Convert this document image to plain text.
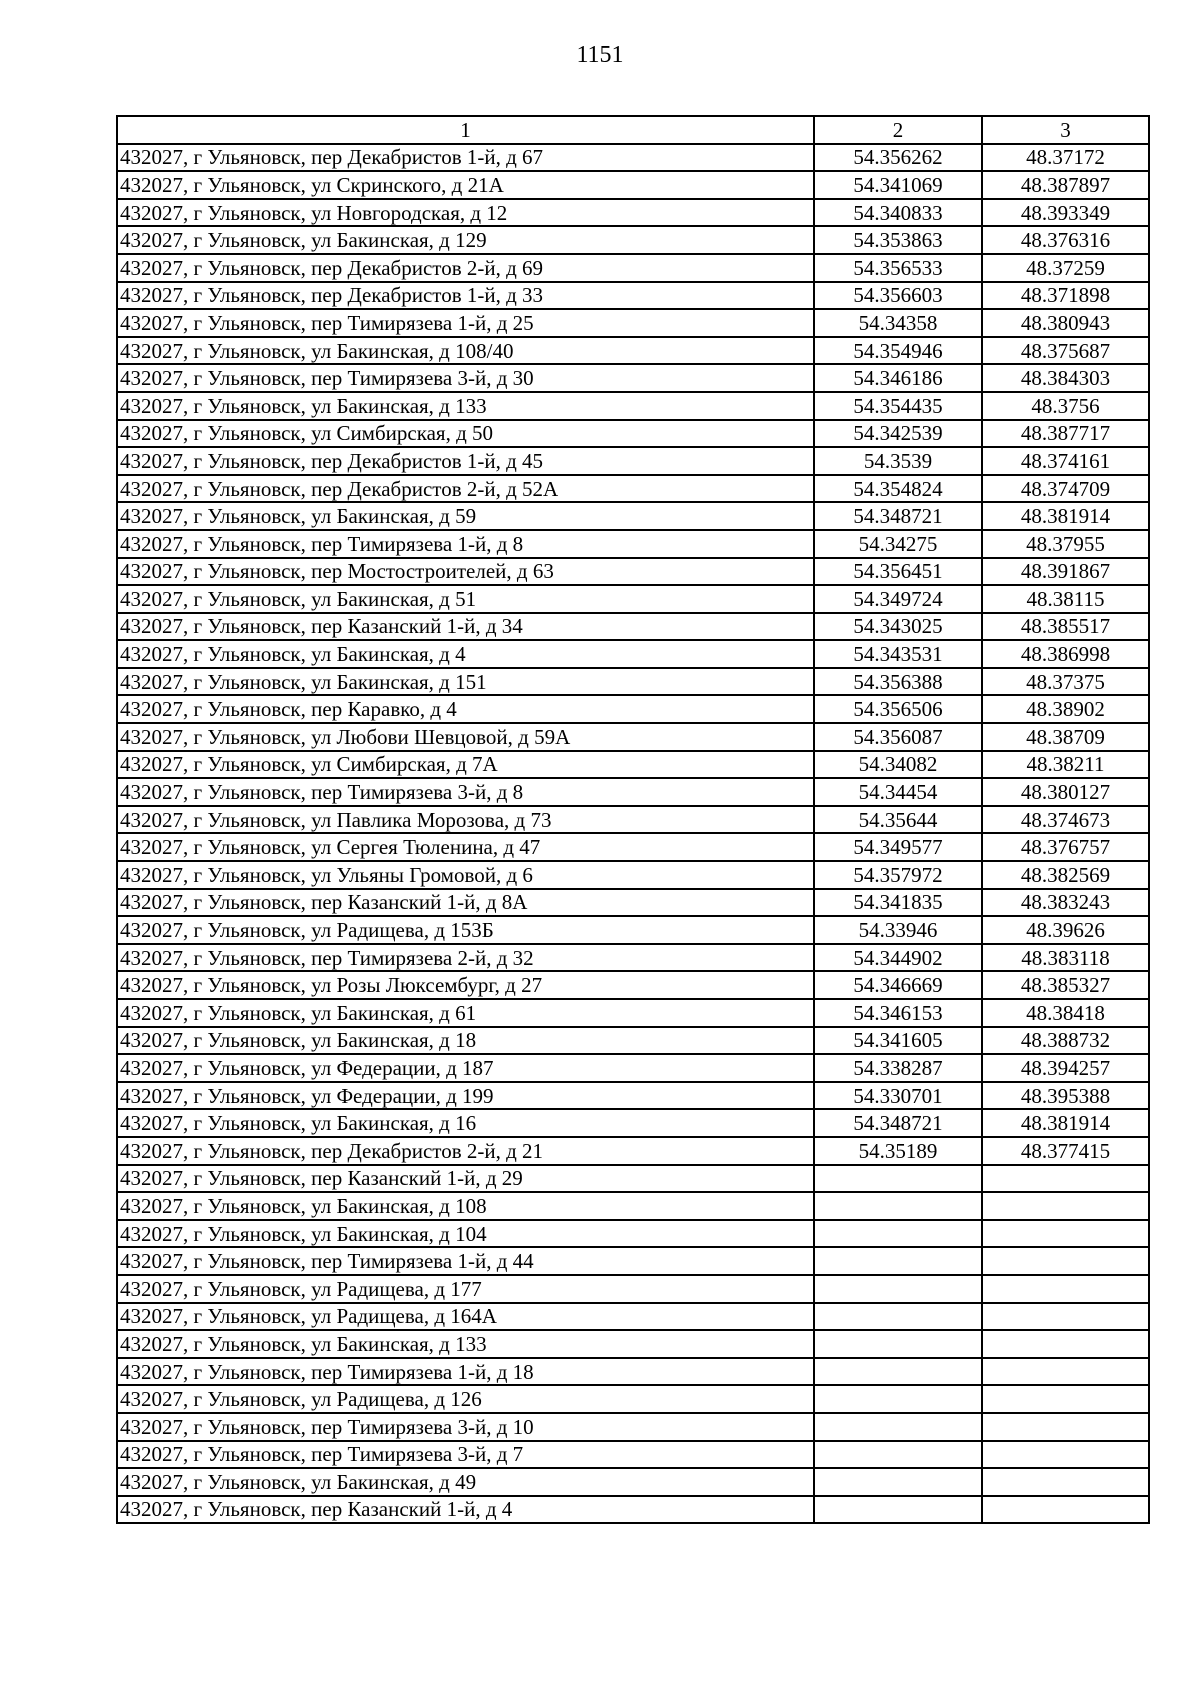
1151
1	2	3
432027, г Ульяновск, пер Декабристов 1-й, д 67	54.356262	48.37172
432027, г Ульяновск, ул Скринского, д 21А	54.341069	48.387897
432027, г Ульяновск, ул Новгородская, д 12	54.340833	48.393349
432027, г Ульяновск, ул Бакинская, д 129	54.353863	48.376316
432027, г Ульяновск, пер Декабристов 2-й, д 69	54.356533	48.37259
432027, г Ульяновск, пер Декабристов 1-й, д 33	54.356603	48.371898
432027, г Ульяновск, пер Тимирязева 1-й, д 25	54.34358	48.380943
432027, г Ульяновск, ул Бакинская, д 108/40	54.354946	48.375687
432027, г Ульяновск, пер Тимирязева 3-й, д 30	54.346186	48.384303
432027, г Ульяновск, ул Бакинская, д 133	54.354435	48.3756
432027, г Ульяновск, ул Симбирская, д 50	54.342539	48.387717
432027, г Ульяновск, пер Декабристов 1-й, д 45	54.3539	48.374161
432027, г Ульяновск, пер Декабристов 2-й, д 52А	54.354824	48.374709
432027, г Ульяновск, ул Бакинская, д 59	54.348721	48.381914
432027, г Ульяновск, пер Тимирязева 1-й, д 8	54.34275	48.37955
432027, г Ульяновск, пер Мостостроителей, д 63	54.356451	48.391867
432027, г Ульяновск, ул Бакинская, д 51	54.349724	48.38115
432027, г Ульяновск, пер Казанский 1-й, д 34	54.343025	48.385517
432027, г Ульяновск, ул Бакинская, д 4	54.343531	48.386998
432027, г Ульяновск, ул Бакинская, д 151	54.356388	48.37375
432027, г Ульяновск, пер Каравко, д 4	54.356506	48.38902
432027, г Ульяновск, ул Любови Шевцовой, д 59А	54.356087	48.38709
432027, г Ульяновск, ул Симбирская, д 7А	54.34082	48.38211
432027, г Ульяновск, пер Тимирязева 3-й, д 8	54.34454	48.380127
432027, г Ульяновск, ул Павлика Морозова, д 73	54.35644	48.374673
432027, г Ульяновск, ул Сергея Тюленина, д 47	54.349577	48.376757
432027, г Ульяновск, ул Ульяны Громовой, д 6	54.357972	48.382569
432027, г Ульяновск, пер Казанский 1-й, д 8А	54.341835	48.383243
432027, г Ульяновск, ул Радищева, д 153Б	54.33946	48.39626
432027, г Ульяновск, пер Тимирязева 2-й, д 32	54.344902	48.383118
432027, г Ульяновск, ул Розы Люксембург, д 27	54.346669	48.385327
432027, г Ульяновск, ул Бакинская, д 61	54.346153	48.38418
432027, г Ульяновск, ул Бакинская, д 18	54.341605	48.388732
432027, г Ульяновск, ул Федерации, д 187	54.338287	48.394257
432027, г Ульяновск, ул Федерации, д 199	54.330701	48.395388
432027, г Ульяновск, ул Бакинская, д 16	54.348721	48.381914
432027, г Ульяновск, пер Декабристов 2-й, д 21	54.35189	48.377415
432027, г Ульяновск, пер Казанский 1-й, д 29		
432027, г Ульяновск, ул Бакинская, д 108		
432027, г Ульяновск, ул Бакинская, д 104		
432027, г Ульяновск, пер Тимирязева 1-й, д 44		
432027, г Ульяновск, ул Радищева, д 177		
432027, г Ульяновск, ул Радищева, д 164А		
432027, г Ульяновск, ул Бакинская, д 133		
432027, г Ульяновск, пер Тимирязева 1-й, д 18		
432027, г Ульяновск, ул Радищева, д 126		
432027, г Ульяновск, пер Тимирязева 3-й, д 10		
432027, г Ульяновск, пер Тимирязева 3-й, д 7		
432027, г Ульяновск, ул Бакинская, д 49		
432027, г Ульяновск, пер Казанский 1-й, д 4		
